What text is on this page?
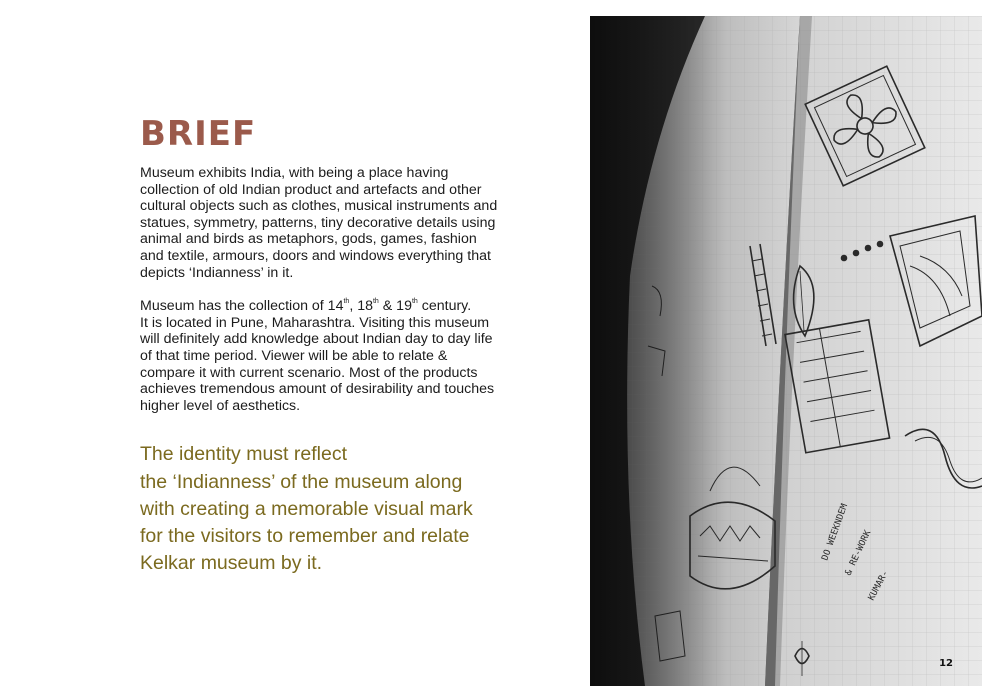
BRIEF

Museum exhibits India, with being a place having collection of old Indian product and artefacts and other cultural objects such as clothes, musical instruments and statues, symmetry, patterns, tiny decorative details using animal and birds as metaphors, gods, games, fashion and textile, armours, doors and windows everything that depicts ‘Indianness’ in it.

Museum has the collection of 14th, 18th & 19th century.
It is located in Pune, Maharashtra. Visiting this museum will definitely add knowledge about Indian day to day life of that time period. Viewer will be able to relate & compare it with current scenario. Most of the products achieves tremendous amount of desirability and touches higher level of aesthetics.

The identity must reflect
the ‘Indianness’ of the museum along
with creating a memorable visual mark
for the visitors to remember and relate
Kelkar museum by it.
12
